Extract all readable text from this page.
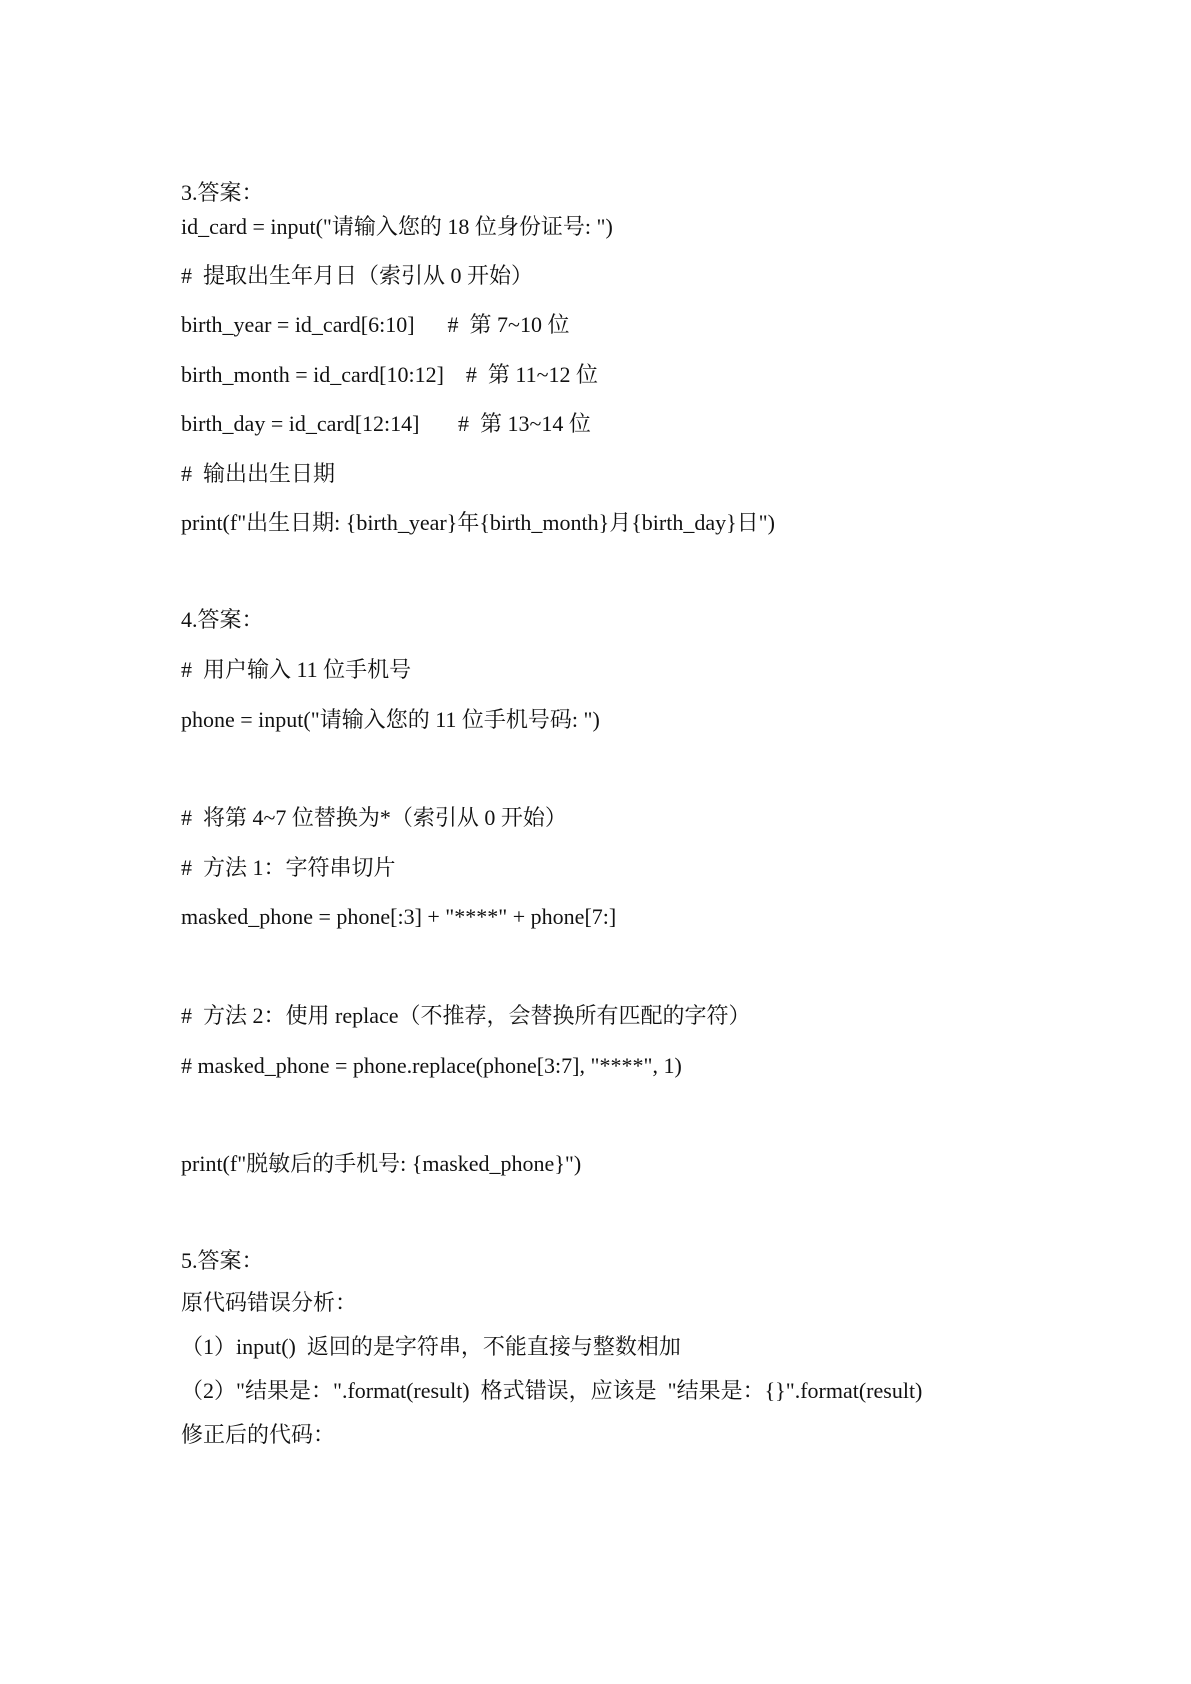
3.答案：
id_card = input("请输入您的 18 位身份证号: ")
#  提取出生年月日（索引从 0 开始）
birth_year = id_card[6:10]      #  第 7~10 位
birth_month = id_card[10:12]    #  第 11~12 位
birth_day = id_card[12:14]       #  第 13~14 位
#  输出出生日期
print(f"出生日期: {birth_year}年{birth_month}月{birth_day}日")
4.答案：
#  用户输入 11 位手机号
phone = input("请输入您的 11 位手机号码: ")
#  将第 4~7 位替换为*（索引从 0 开始）
#  方法 1：字符串切片
masked_phone = phone[:3] + "****" + phone[7:]
#  方法 2：使用 replace（不推荐，会替换所有匹配的字符）
# masked_phone = phone.replace(phone[3:7], "****", 1)
print(f"脱敏后的手机号: {masked_phone}")
5.答案：
原代码错误分析：
（1）input()  返回的是字符串，不能直接与整数相加
（2）"结果是：".format(result)  格式错误，应该是  "结果是：{}".format(result)
修正后的代码：
